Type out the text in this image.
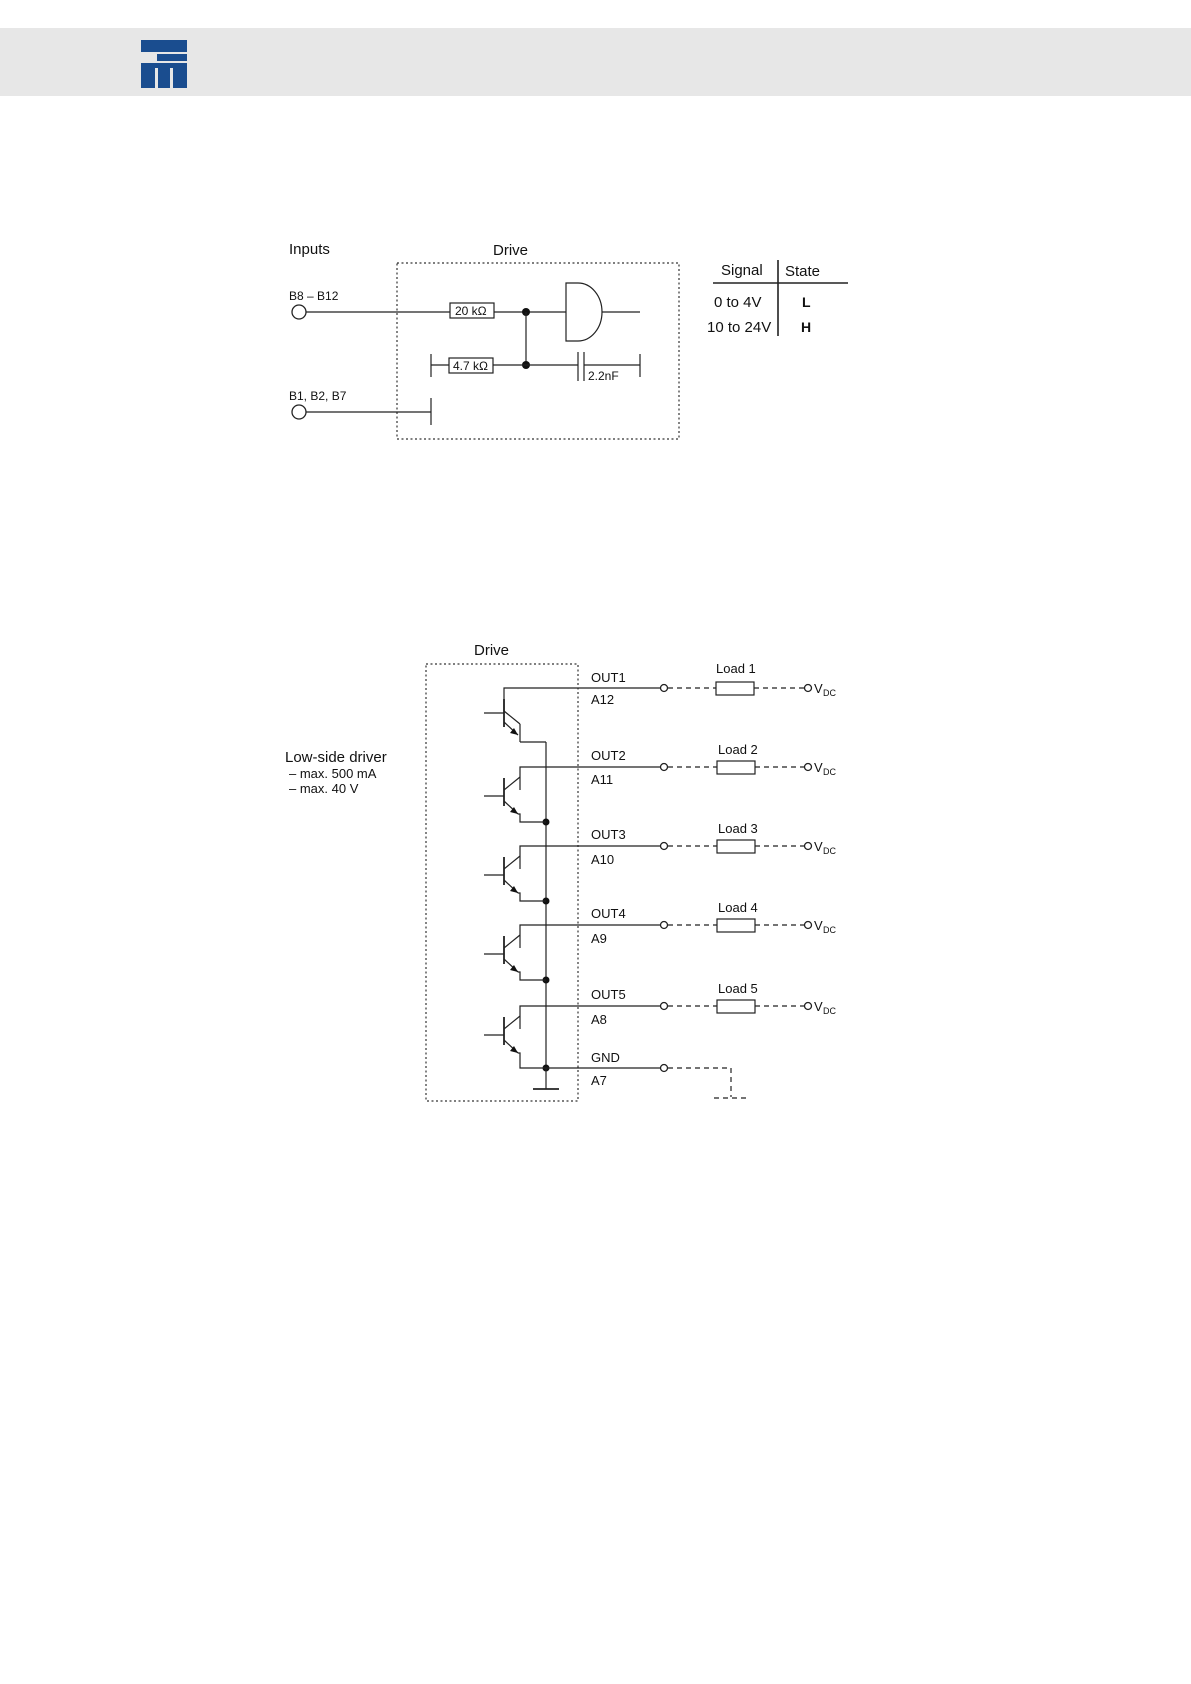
Inputs	Drive
B8 – B12
20 kΩ
4.7 kΩ
2.2nF
B1, B2, B7
Signal State
0 to 4V	L
10 to 24V H
Drive
Low-side driver
– max. 500 mA
– max. 40 V
GND
A7
OUT1
A12
Load 1
V DC
OUT2
A11
Load 2
V DC
OUT3
A10
Load 3
V DC
OUT4
A9
Load 4
V DC
OUT5
A8
Load 5
V DC
